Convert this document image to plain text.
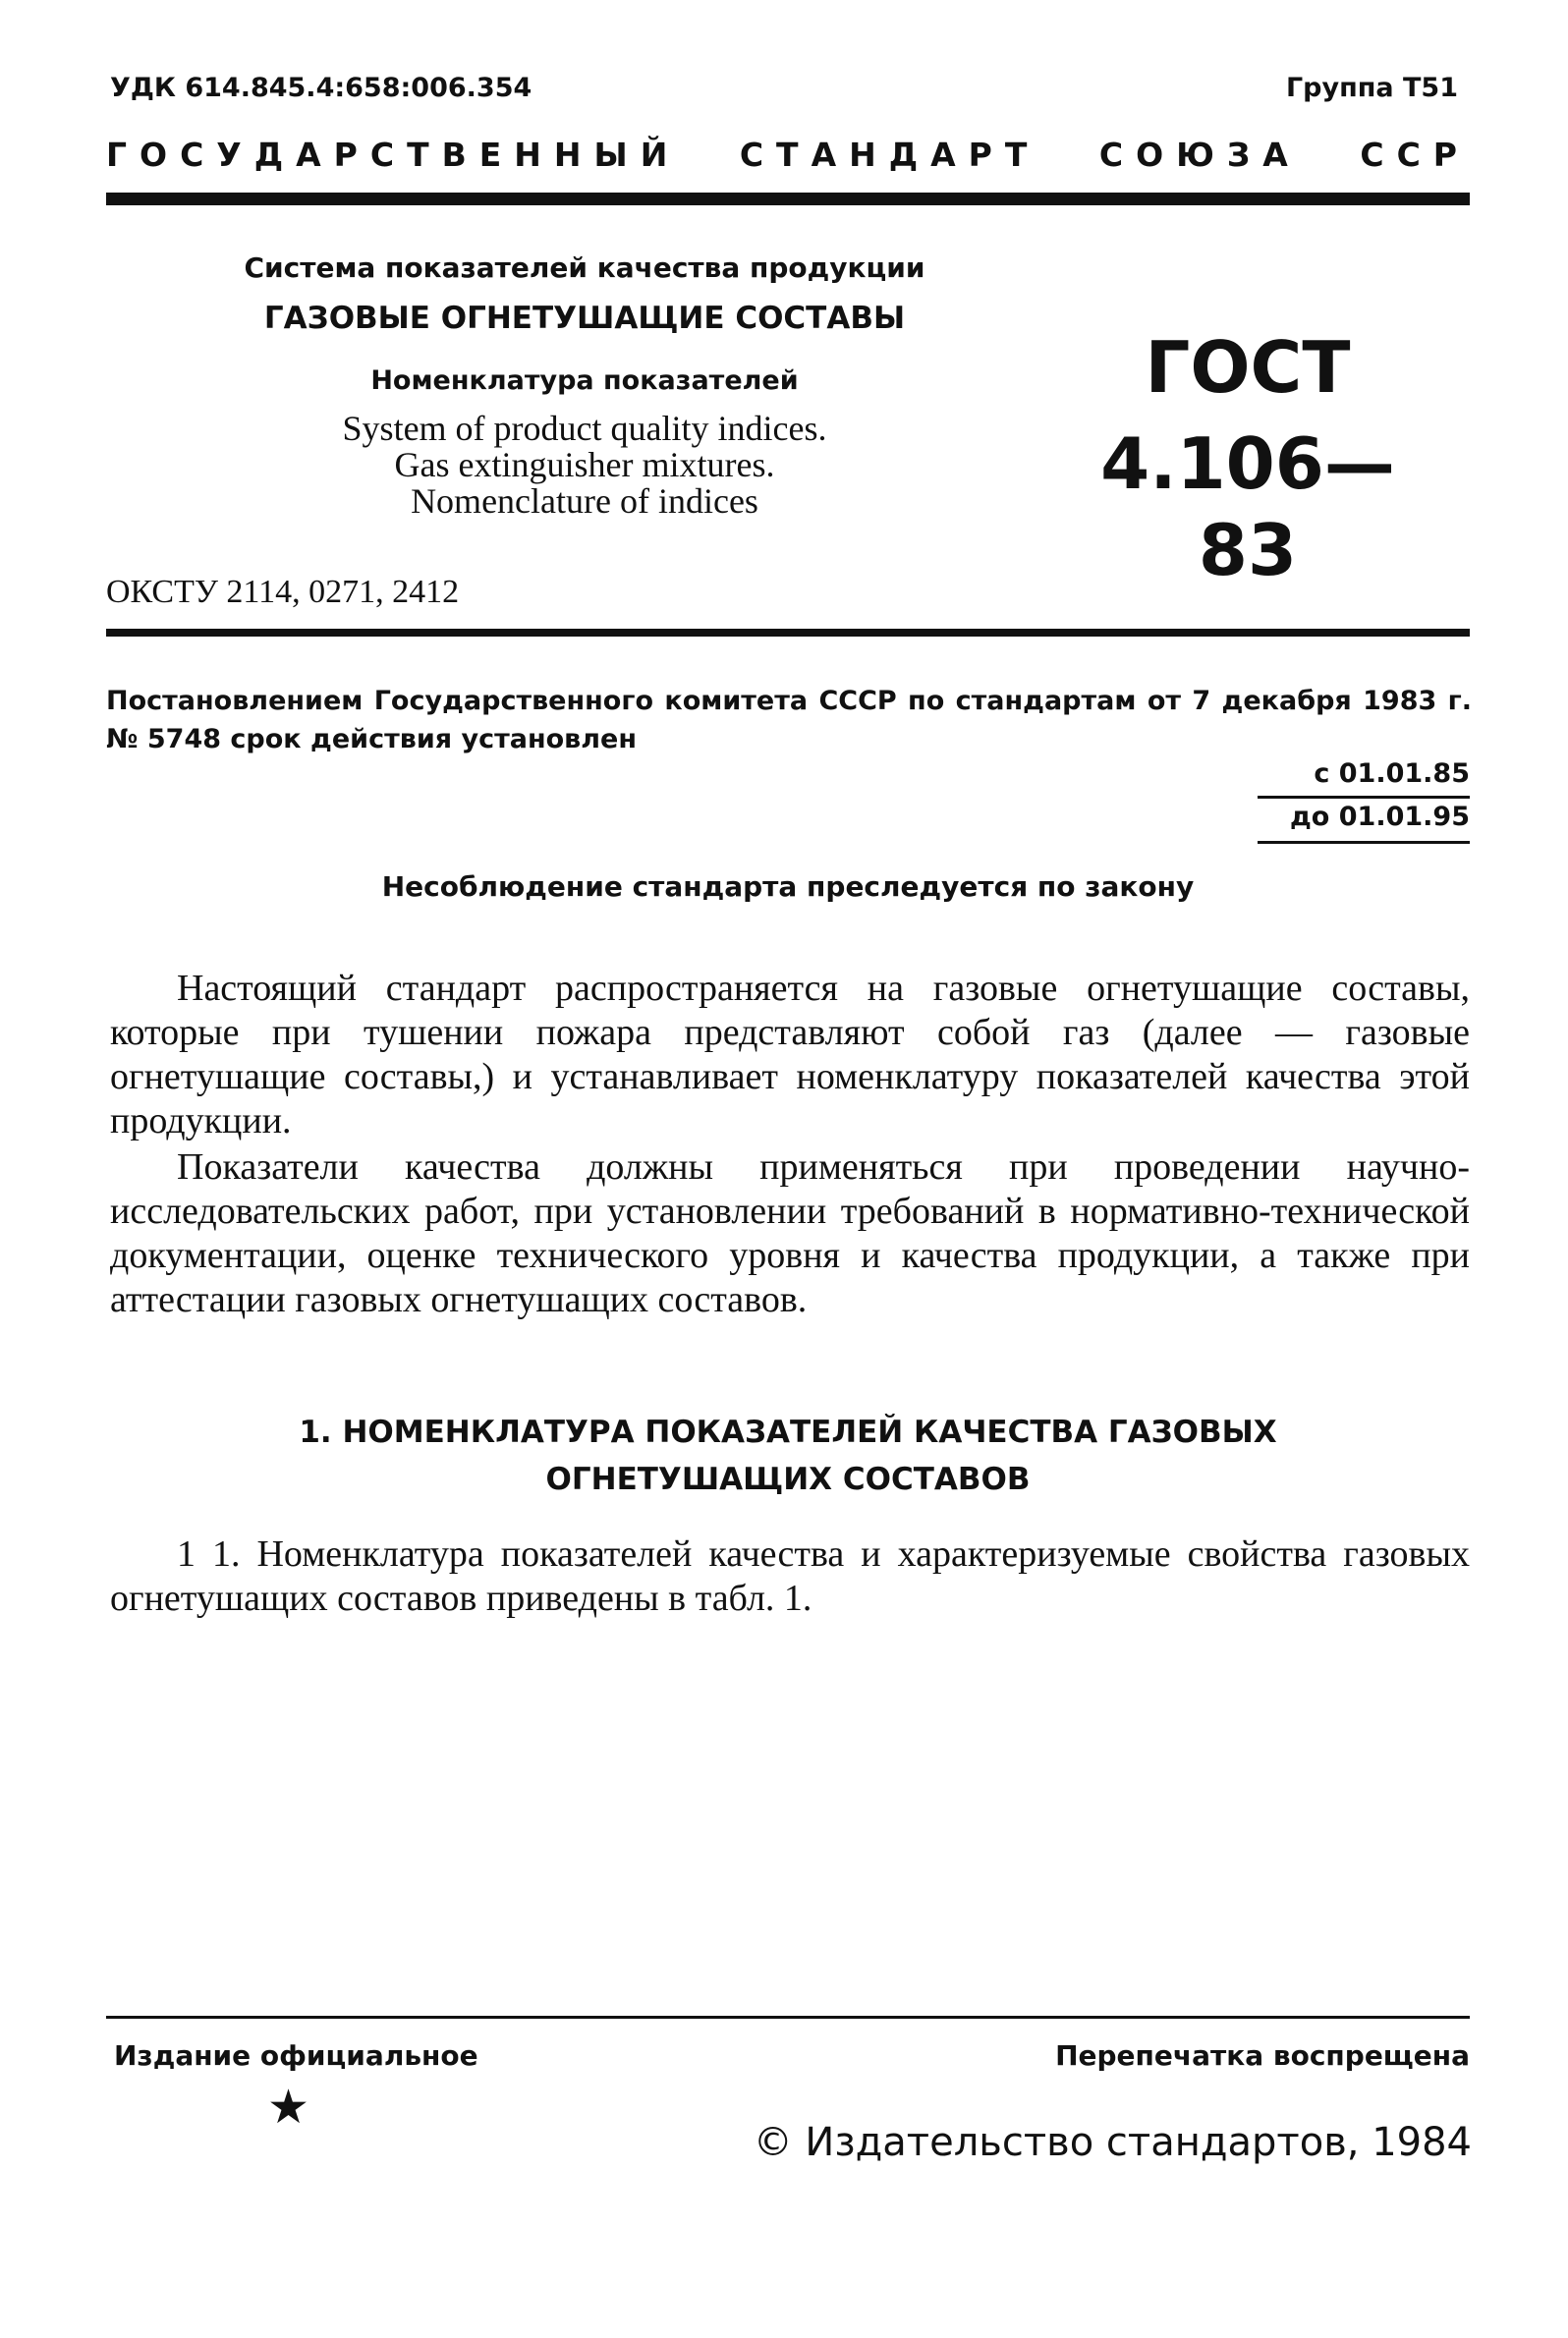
УДК 614.845.4:658:006.354	Группа Т51
ГОСУДАРСТВЕННЫЙ СТАНДАРТ СОЮЗА ССР
Система показателей качества продукции
ГАЗОВЫЕ ОГНЕТУШАЩИЕ СОСТАВЫ
Номенклатура показателей
System of product quality indices.
Gas extinguisher mixtures.
Nomenclature of indices
ГОСТ
4.106—83
ОКСТУ 2114, 0271, 2412
Постановлением Государственного комитета СССР по стандартам от 7 декабря 1983 г. № 5748 срок действия установлен
с 01.01.85
до 01.01.95
Несоблюдение стандарта преследуется по закону
Настоящий стандарт распространяется на газовые огнетушащие составы, которые при тушении пожара представляют собой газ (далее — газовые огнетушащие составы,) и устанавливает номенклатуру показателей качества этой продукции.
Показатели качества должны применяться при проведении научно-исследовательских работ, при установлении требований в нормативно-технической документации, оценке технического уровня и качества продукции, а также при аттестации газовых огнетушащих составов.
1. НОМЕНКЛАТУРА ПОКАЗАТЕЛЕЙ КАЧЕСТВА ГАЗОВЫХ
ОГНЕТУШАЩИХ СОСТАВОВ
1 1. Номенклатура показателей качества и характеризуемые свойства газовых огнетушащих составов приведены в табл. 1.
Издание официальное
★
Перепечатка воспрещена
© Издательство стандартов, 1984
